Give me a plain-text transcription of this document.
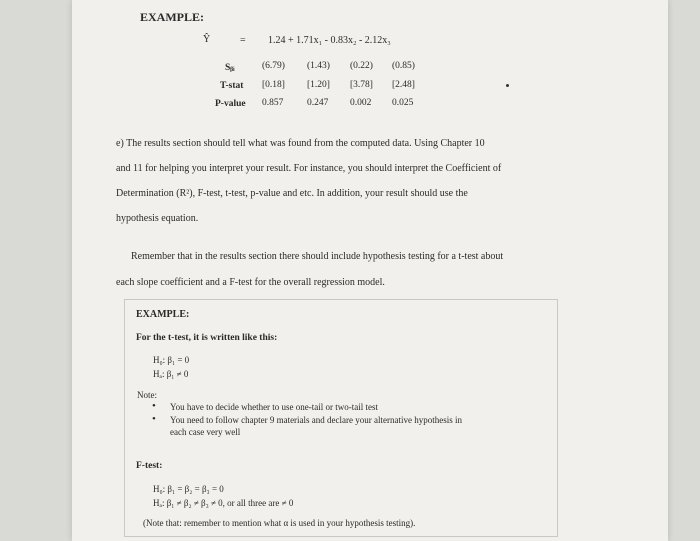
EXAMPLE:
Ŷ	= 1.24 + 1.71x₁ - 0.83x₂ - 2.12x₃
Sᵦᵢ	(6.79) (1.43) (0.22) (0.85)
T-stat [0.18] [1.20] [3.78] [2.48]
P-value 0.857 0.247 0.002 0.025
e) The results section should tell what was found from the computed data. Using Chapter 10
and 11 for helping you interpret your result. For instance, you should interpret the Coefficient of
Determination (R²), F-test, t-test, p-value and etc. In addition, your result should use the
hypothesis equation.
Remember that in the results section there should include hypothesis testing for a t-test about
each slope coefficient and a F-test for the overall regression model.
EXAMPLE:
For the t-test, it is written like this:
H₀: β₁ = 0
Hₐ: β₁ ≠ 0
Note:
• You have to decide whether to use one-tail or two-tail test
• You need to follow chapter 9 materials and declare your alternative hypothesis in
each case very well
F-test:
H₀: β₁ = β₂ = β₃ = 0
Hₐ: β₁ ≠ β₂ ≠ β₃ ≠ 0, or all three are ≠ 0
(Note that: remember to mention what α is used in your hypothesis testing).
